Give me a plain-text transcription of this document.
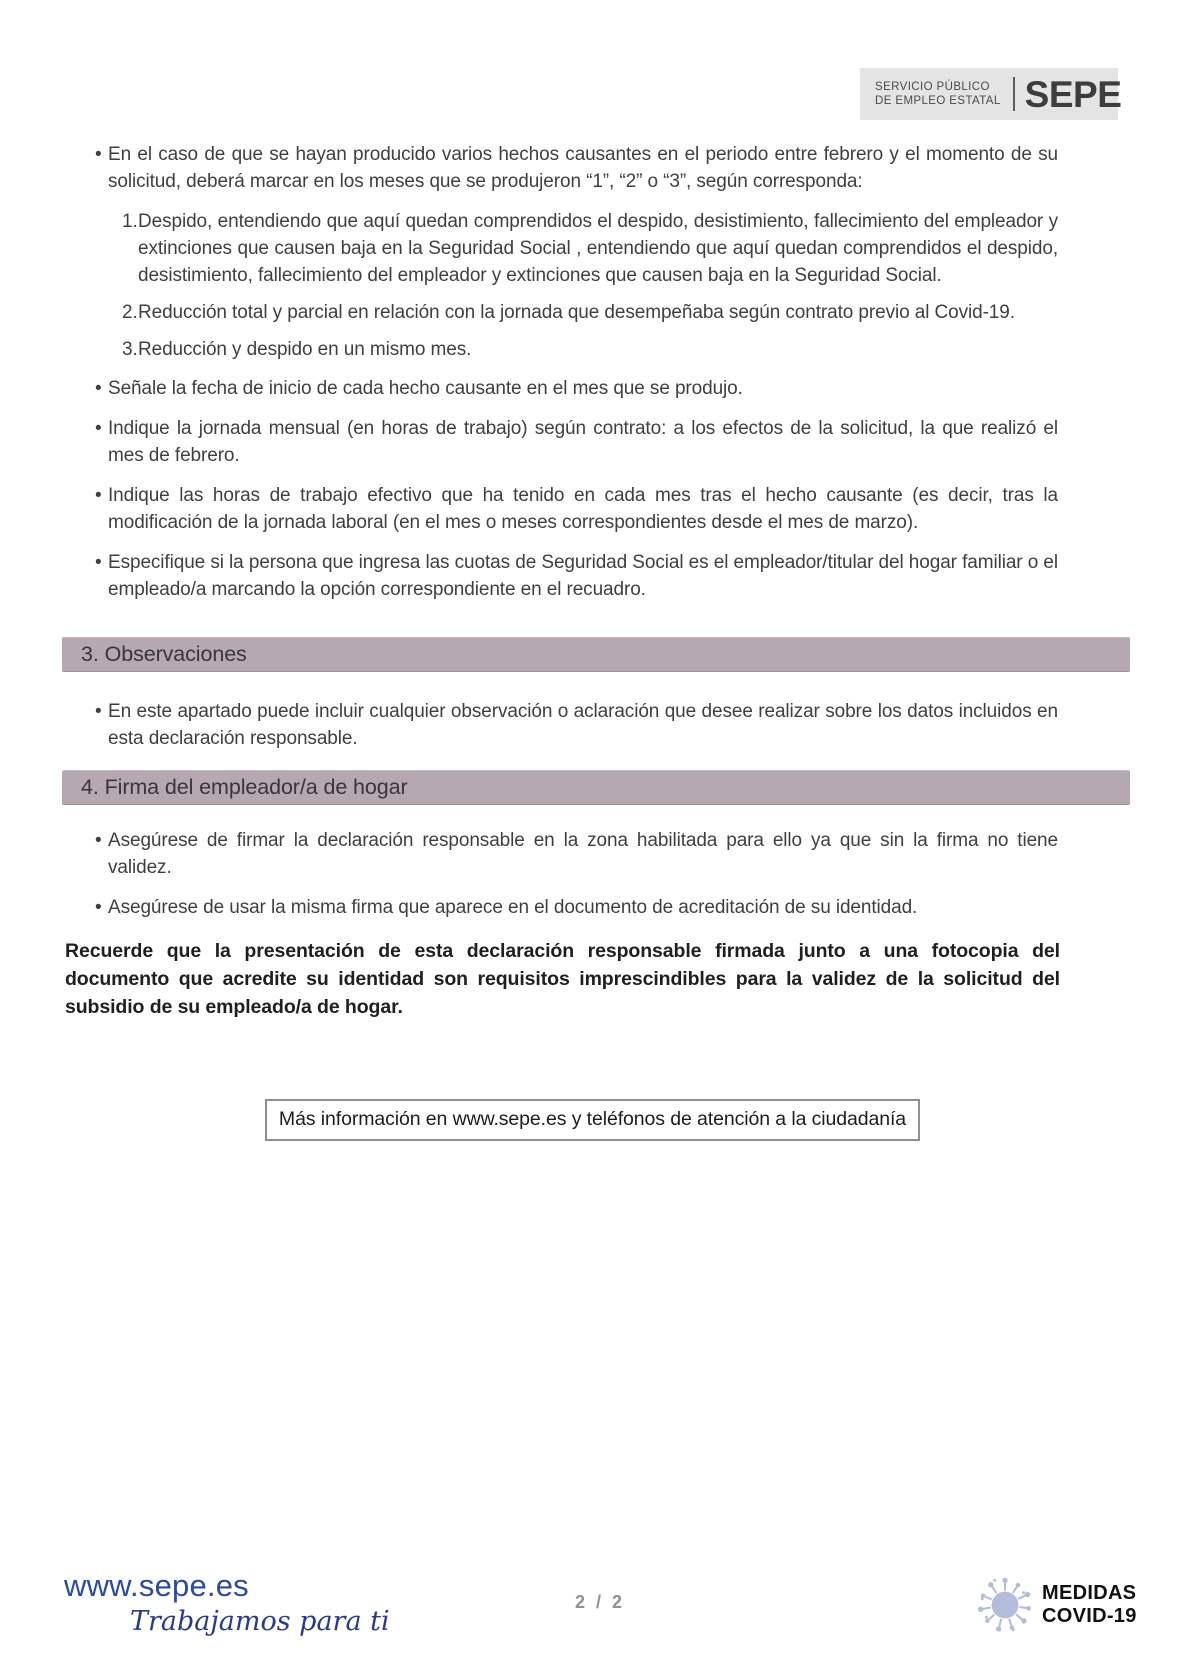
SERVICIO PÚBLICO
DE EMPLEO ESTATAL SEPE
• En el caso de que se hayan producido varios hechos causantes en el periodo entre febrero y el momento de su solicitud, deberá marcar en los meses que se produjeron “1”, “2” o “3”, según corresponda:
1. Despido, entendiendo que aquí quedan comprendidos el despido, desistimiento, fallecimiento del empleador y extinciones que causen baja en la Seguridad Social , entendiendo que aquí quedan comprendidos el despido, desistimiento, fallecimiento del empleador y extinciones que causen baja en la Seguridad Social.
2. Reducción total y parcial en relación con la jornada que desempeñaba según contrato previo al Covid-19.
3. Reducción y despido en un mismo mes.
• Señale la fecha de inicio de cada hecho causante en el mes que se produjo.
• Indique la jornada mensual (en horas de trabajo) según contrato: a los efectos de la solicitud, la que realizó el mes de febrero.
• Indique las horas de trabajo efectivo que ha tenido en cada mes tras el hecho causante (es decir, tras la modificación de la jornada laboral (en el mes o meses correspondientes desde el mes de marzo).
• Especifique si la persona que ingresa las cuotas de Seguridad Social es el empleador/titular del hogar familiar o el empleado/a marcando la opción correspondiente en el recuadro.
3. Observaciones
• En este apartado puede incluir cualquier observación o aclaración que desee realizar sobre los datos incluidos en esta declaración responsable.
4. Firma del empleador/a de hogar
• Asegúrese de firmar la declaración responsable en la zona habilitada para ello ya que sin la firma no tiene validez.
• Asegúrese de usar la misma firma que aparece en el documento de acreditación de su identidad.

Recuerde que la presentación de esta declaración responsable firmada junto a una fotocopia del documento que acredite su identidad son requisitos imprescindibles para la validez de la solicitud del subsidio de su empleado/a de hogar.

Más información en www.sepe.es y teléfonos de atención a la ciudadanía
www.sepe.es
Trabajamos para ti
2 / 2	MEDIDAS
COVID-19
